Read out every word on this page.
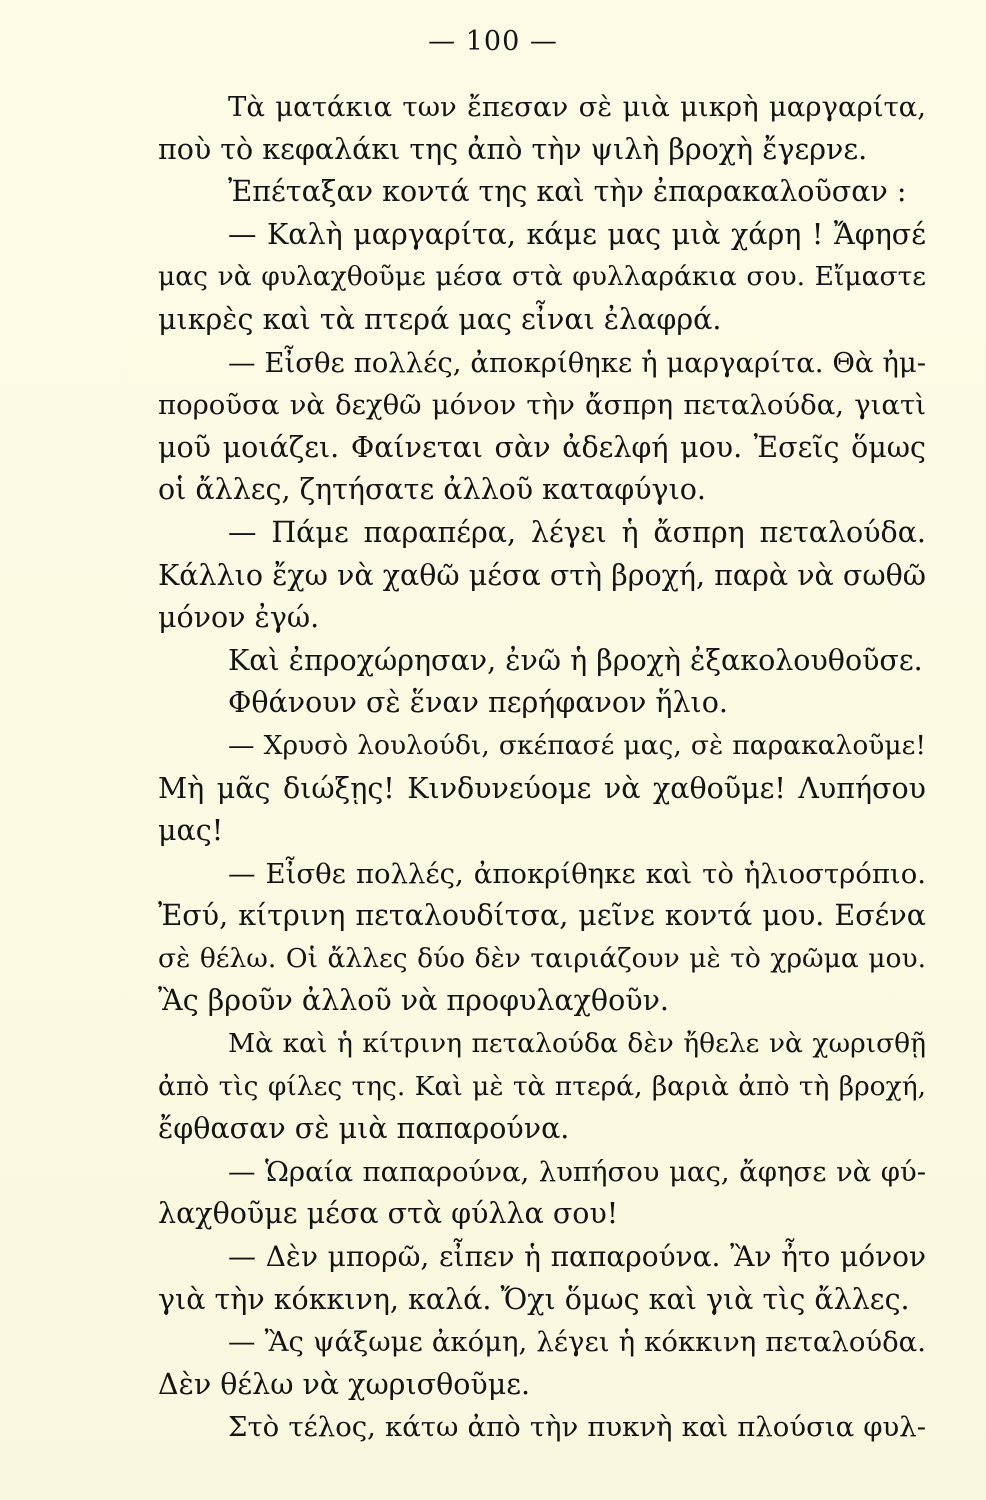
— 100 —
Τὰ ματάκια των ἔπεσαν σὲ μιὰ μικρὴ μαργαρίτα,
ποὺ τὸ κεφαλάκι της ἀπὸ τὴν ψιλὴ βροχὴ ἔγερνε.
Ἐπέταξαν κοντά της καὶ τὴν ἐπαρακαλοῦσαν :
— Καλὴ μαργαρίτα, κάμε μας μιὰ χάρη ! Ἄφησέ
μας νὰ φυλαχθοῦμε μέσα στὰ φυλλαράκια σου. Εἴμαστε
μικρὲς καὶ τὰ πτερά μας εἶναι ἐλαφρά.
— Εἶσθε πολλές, ἀποκρίθηκε ἡ μαργαρίτα. Θὰ ἠμ-
ποροῦσα νὰ δεχθῶ μόνον τὴν ἄσπρη πεταλούδα, γιατὶ
μοῦ μοιάζει. Φαίνεται σὰν ἀδελφή μου. Ἐσεῖς ὅμως
οἱ ἄλλες, ζητήσατε ἀλλοῦ καταφύγιο.
— Πάμε παραπέρα, λέγει ἡ ἄσπρη πεταλούδα.
Κάλλιο ἔχω νὰ χαθῶ μέσα στὴ βροχή, παρὰ νὰ σωθῶ
μόνον ἐγώ.
Καὶ ἐπροχώρησαν, ἐνῶ ἡ βροχὴ ἐξακολουθοῦσε.
Φθάνουν σὲ ἕναν περήφανον ἥλιο.
— Χρυσὸ λουλούδι, σκέπασέ μας, σὲ παρακαλοῦμε!
Μὴ μᾶς διώξῃς! Κινδυνεύομε νὰ χαθοῦμε! Λυπήσου
μας!
— Εἶσθε πολλές, ἀποκρίθηκε καὶ τὸ ἡλιοστρόπιο.
Ἐσύ, κίτρινη πεταλουδίτσα, μεῖνε κοντά μου. Εσένα
σὲ θέλω. Οἱ ἄλλες δύο δὲν ταιριάζουν μὲ τὸ χρῶμα μου.
Ἂς βροῦν ἀλλοῦ νὰ προφυλαχθοῦν.
Μὰ καὶ ἡ κίτρινη πεταλούδα δὲν ἤθελε νὰ χωρισθῇ
ἀπὸ τὶς φίλες της. Καὶ μὲ τὰ πτερά, βαριὰ ἀπὸ τὴ βροχή,
ἔφθασαν σὲ μιὰ παπαρούνα.
— Ὡραία παπαρούνα, λυπήσου μας, ἄφησε νὰ φύ-
λαχθοῦμε μέσα στὰ φύλλα σου!
— Δὲν μπορῶ, εἶπεν ἡ παπαρούνα. Ἂν ἦτο μόνον
γιὰ τὴν κόκκινη, καλά. Ὄχι ὅμως καὶ γιὰ τὶς ἄλλες.
— Ἂς ψάξωμε ἀκόμη, λέγει ἡ κόκκινη πεταλούδα.
Δὲν θέλω νὰ χωρισθοῦμε.
Στὸ τέλος, κάτω ἀπὸ τὴν πυκνὴ καὶ πλούσια φυλ-
